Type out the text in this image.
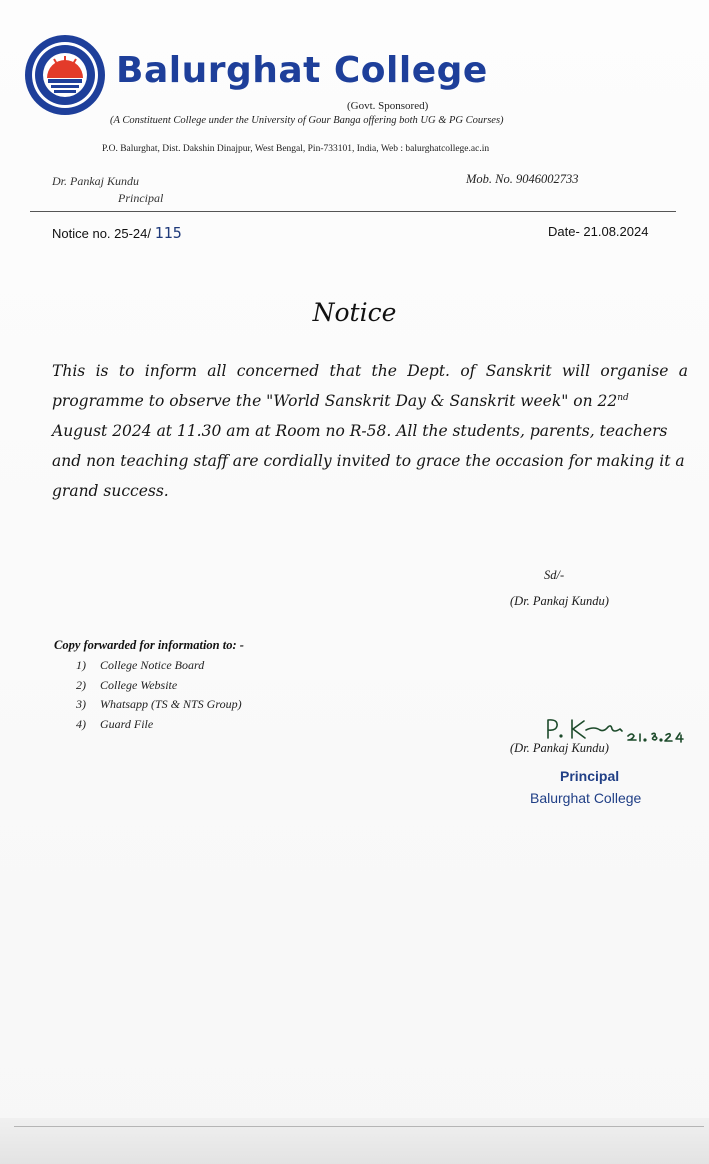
Balurghat College
(Govt. Sponsored)
(A Constituent College under the University of Gour Banga offering both UG & PG Courses)
P.O. Balurghat, Dist. Dakshin Dinajpur, West Bengal, Pin-733101, India, Web : balurghatcollege.ac.in
Dr. Pankaj Kundu
Principal
Mob. No. 9046002733
Notice no. 25-24/ 115	Date- 21.08.2024
Notice
This is to inform all concerned that the Dept. of Sanskrit will organise a
programme to observe the "World Sanskrit Day & Sanskrit week" on 22nd
August 2024 at 11.30 am at Room no R-58. All the students, parents, teachers
and non teaching staff are cordially invited to grace the occasion for making it a
grand success.
Sd/-
(Dr. Pankaj Kundu)
Copy forwarded for information to: -
1) College Notice Board
2) College Website
3) Whatsapp (TS & NTS Group)
4) Guard File
(Dr. Pankaj Kundu)
Principal
Balurghat College
